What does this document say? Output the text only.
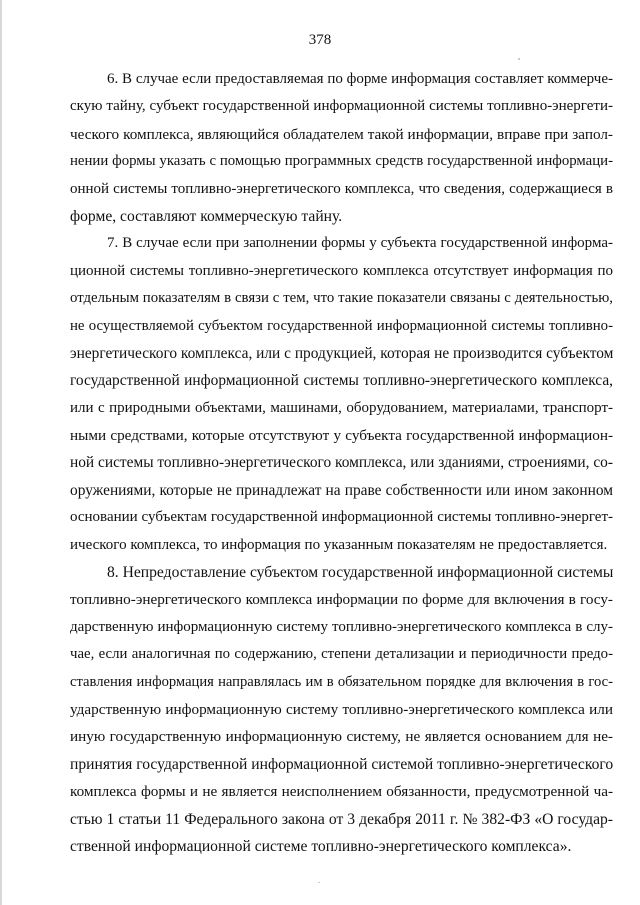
378
6. В случае если предоставляемая по форме информация составляет коммерче-
скую тайну, субъект государственной информационной системы топливно-энергети-
ческого комплекса, являющийся обладателем такой информации, вправе при запол-
нении формы указать с помощью программных средств государственной информаци-
онной системы топливно-энергетического комплекса, что сведения, содержащиеся в
форме, составляют коммерческую тайну.
7. В случае если при заполнении формы у субъекта государственной информа-
ционной системы топливно-энергетического комплекса отсутствует информация по
отдельным показателям в связи с тем, что такие показатели связаны с деятельностью,
не осуществляемой субъектом государственной информационной системы топливно-
энергетического комплекса, или с продукцией, которая не производится субъектом
государственной информационной системы топливно-энергетического комплекса,
или с природными объектами, машинами, оборудованием, материалами, транспорт-
ными средствами, которые отсутствуют у субъекта государственной информацион-
ной системы топливно-энергетического комплекса, или зданиями, строениями, со-
оружениями, которые не принадлежат на праве собственности или ином законном
основании субъектам государственной информационной системы топливно-энергет-
ического комплекса, то информация по указанным показателям не предоставляется.
8. Непредоставление субъектом государственной информационной системы
топливно-энергетического комплекса информации по форме для включения в госу-
дарственную информационную систему топливно-энергетического комплекса в слу-
чае, если аналогичная по содержанию, степени детализации и периодичности предо-
ставления информация направлялась им в обязательном порядке для включения в гос-
ударственную информационную систему топливно-энергетического комплекса или
иную государственную информационную систему, не является основанием для не-
принятия государственной информационной системой топливно-энергетического
комплекса формы и не является неисполнением обязанности, предусмотренной ча-
стью 1 статьи 11 Федерального закона от 3 декабря 2011 г. № 382-ФЗ «О государ-
ственной информационной системе топливно-энергетического комплекса».
